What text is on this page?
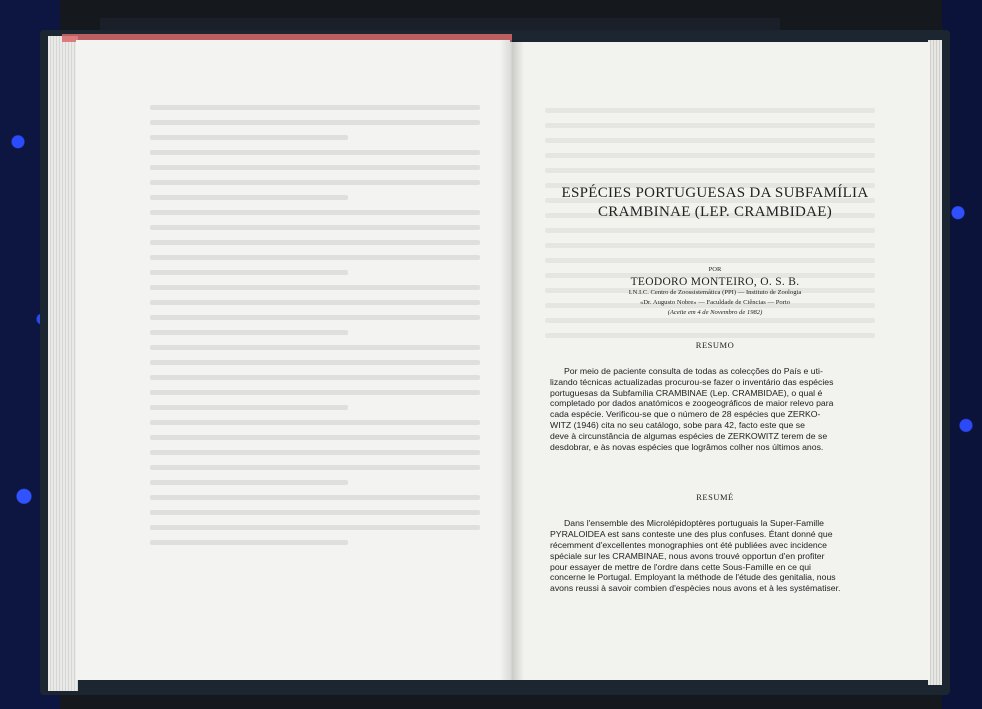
ESPÉCIES PORTUGUESAS DA SUBFAMÍLIA
CRAMBINAE (LEP. CRAMBIDAE)
POR
TEODORO MONTEIRO, O. S. B.
I.N.I.C. Centro de Zoossistemática (PPI) — Instituto de Zoologia
«Dr. Augusto Nobre» — Faculdade de Ciências — Porto
(Aceite em 4 de Novembro de 1982)
RESUMO
Por meio de paciente consulta de todas as colecções do País e uti-
lizando técnicas actualizadas procurou-se fazer o inventário das espécies
portuguesas da Subfamília CRAMBINAE (Lep. CRAMBIDAE), o qual é
completado por dados anatómicos e zoogeográficos de maior relevo para
cada espécie. Verificou-se que o número de 28 espécies que ZERKO-
WITZ (1946) cita no seu catálogo, sobe para 42, facto este que se
deve à circunstância de algumas espécies de ZERKOWITZ terem de se
desdobrar, e às novas espécies que logrâmos colher nos últimos anos.
RESUMÉ
Dans l'ensemble des Microlépidoptères portuguais la Super-Famille
PYRALOIDEA est sans conteste une des plus confuses. Étant donné que
récemment d'excellentes monographies ont été publiées avec incidence
spéciale sur les CRAMBINAE, nous avons trouvé opportun d'en profiter
pour essayer de mettre de l'ordre dans cette Sous-Famille en ce qui
concerne le Portugal. Employant la méthode de l'étude des genitalia, nous
avons reussi à savoir combien d'espècies nous avons et à les systématiser.
